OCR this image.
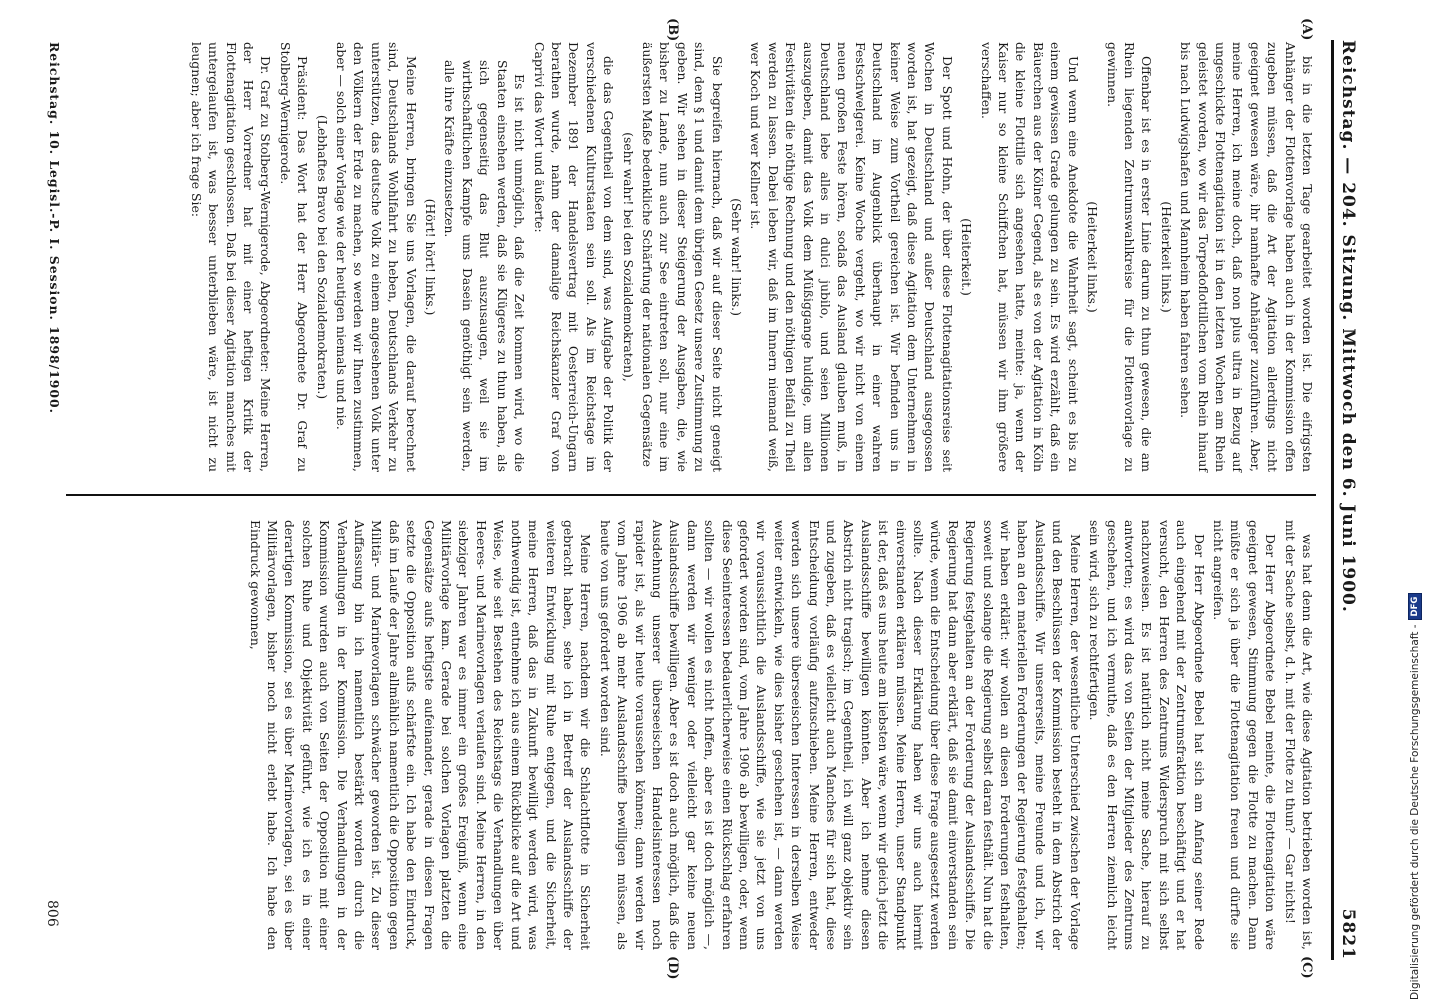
Reichstag. — 204. Sitzung. Mittwoch den 6. Juni 1900.
5821
(A)
(B)
(C)
(D)

bis in die letzten Tage gearbeitet worden ist. Die eifrigsten Anhänger der Flottenvorlage haben auch in der Kommission offen zugeben müssen, daß die Art der Agitation allerdings nicht geeignet gewesen wäre, ihr namhafte Anhänger zuzuführen. Aber, meine Herren, ich meine doch, daß non plus ultra in Bezug auf ungeschickte Flottenagitation ist in den letzten Wochen am Rhein geleistet worden, wo wir das Torpedoflottillchen vom Rhein hinauf bis nach Ludwigshafen und Mannheim haben fahren sehen.

(Heiterkeit links.)

Offenbar ist es in erster Linie darum zu thun gewesen, die am Rhein liegenden Zentrumswahlkreise für die Flottenvorlage zu gewinnen.

(Heiterkeit links.)

Und wenn eine Anekdote die Wahrheit sagt, scheint es bis zu einem gewissen Grade gelungen zu sein. Es wird erzählt, daß ein Bäuerchen aus der Kölner Gegend, als es von der Agitation in Köln die kleine Flottille sich angesehen hatte, meinte: ja, wenn der Kaiser nur so kleine Schiffchen hat, müssen wir ihm größere verschaffen.

(Heiterkeit.)

Der Spott und Hohn, der über diese Flottenagitationsreise seit Wochen in Deutschland und außer Deutschland ausgegossen worden ist, hat gezeigt, daß diese Agitation dem Unternehmen in keiner Weise zum Vortheil gereichen ist. Wir befinden uns in Deutschland im Augenblick überhaupt in einer wahren Festschwelgerei. Keine Woche vergeht, wo wir nicht von einem neuen großen Feste hören, sodaß das Ausland glauben muß, in Deutschland lebe alles in dulci jubilo, und seien Millionen auszugeben, damit das Volk dem Müßiggange huldige, um allen Festivitäten die nöthige Rechnung und den nöthigen Beifall zu Theil werden zu lassen. Dabei leben wir, daß im Innern niemand weiß, wer Koch und wer Kellner ist.

(Sehr wahr! links.)

Sie begreifen hiernach, daß wir auf dieser Seite nicht geneigt sind, dem § 1 und damit dem übrigen Gesetz unsere Zustimmung zu geben. Wir sehen in dieser Steigerung der Ausgaben, die, wie bisher zu Lande, nun auch zur See eintreten soll, nur eine im äußersten Maße bedenkliche Schärfung der nationalen Gegensätze

(sehr wahr! bei den Sozialdemokraten),

die das Gegentheil von dem sind, was Aufgabe der Politik der verschiedenen Kulturstaaten sein soll. Als im Reichstage im Dezember 1891 der Handelsvertrag mit Oesterreich-Ungarn berathen wurde, nahm der damalige Reichskanzler Graf von Caprivi das Wort und äußerte:

Es ist nicht unmöglich, daß die Zeit kommen wird, wo die Staaten einsehen werden, daß sie Klügeres zu thun haben, als sich gegenseitig das Blut auszusaugen, weil sie im wirthschaftlichen Kampfe ums Dasein genöthigt sein werden, alle ihre Kräfte einzusetzen.

(Hört! hört! links.)

Meine Herren, bringen Sie uns Vorlagen, die darauf berechnet sind, Deutschlands Wohlfahrt zu heben, Deutschlands Verkehr zu unterstützen, das deutsche Volk zu einem angesehenen Volk unter den Völkern der Erde zu machen, so werden wir Ihnen zustimmen, aber — solch einer Vorlage wie der heutigen niemals und nie.

(Lebhaftes Bravo bei den Sozialdemokraten.)

Präsident: Das Wort hat der Herr Abgeordnete Dr. Graf zu Stolberg-Wernigerode.

Dr. Graf zu Stolberg-Wernigerode, Abgeordneter: Meine Herren, der Herr Vorredner hat mit einer heftigen Kritik der Flottenagitation geschlossen. Daß bei dieser Agitation manches mit untergelaufen ist, was besser unterblieben wäre, ist nicht zu leugnen; aber ich frage Sie:

was hat denn die Art, wie diese Agitation betrieben worden ist, mit der Sache selbst, d. h. mit der Flotte zu thun? — Gar nichts!

Der Herr Abgeordnete Bebel meinte, die Flottenagitation wäre geeignet gewesen, Stimmung gegen die Flotte zu machen. Dann müßte er sich ja über die Flottenagitation freuen und dürfte sie nicht angreifen.

Der Herr Abgeordnete Bebel hat sich am Anfang seiner Rede auch eingehend mit der Zentrumsfraktion beschäftigt und er hat versucht, den Herren des Zentrums Widerspruch mit sich selbst nachzuweisen. Es ist natürlich nicht meine Sache, hierauf zu antworten; es wird das von Seiten der Mitglieder des Zentrums geschehen, und ich vermuthe, daß es den Herren ziemlich leicht sein wird, sich zu rechtfertigen.

Meine Herren, der wesentliche Unterschied zwischen der Vorlage und den Beschlüssen der Kommission besteht in dem Abstrich der Auslandsschiffe. Wir unsererseits, meine Freunde und ich, wir haben an den materiellen Forderungen der Regierung festgehalten; wir haben erklärt: wir wollen an diesen Forderungen festhalten, soweit und solange die Regierung selbst daran festhält. Nun hat die Regierung festgehalten an der Forderung der Auslandsschiffe. Die Regierung hat dann aber erklärt, daß sie damit einverstanden sein würde, wenn die Entscheidung über diese Frage ausgesetzt werden sollte. Nach dieser Erklärung haben wir uns auch hiermit einverstanden erklären müssen. Meine Herren, unser Standpunkt ist der, daß es uns heute am liebsten wäre, wenn wir gleich jetzt die Auslandsschiffe bewilligen könnten. Aber ich nehme diesen Abstrich nicht tragisch; im Gegentheil, ich will ganz objektiv sein und zugeben, daß es vielleicht auch Manches für sich hat, diese Entscheidung vorläufig aufzuschieben. Meine Herren, entweder werden sich unsere überseeischen Interessen in derselben Weise weiter entwickeln, wie dies bisher geschehen ist, — dann werden wir voraussichtlich die Auslandsschiffe, wie sie jetzt von uns gefordert worden sind, vom Jahre 1906 ab bewilligen, oder, wenn diese Seeinteressen bedauerlicherweise einen Rückschlag erfahren sollten — wir wollen es nicht hoffen, aber es ist doch möglich —, dann werden wir weniger oder vielleicht gar keine neuen Auslandsschiffe bewilligen. Aber es ist doch auch möglich, daß die Ausdehnung unserer überseeischen Handelsinteressen noch rapider ist, als wir heute voraussehen können; dann werden wir vom Jahre 1906 ab mehr Auslandsschiffe bewilligen müssen, als heute von uns gefordert worden sind.

Meine Herren, nachdem wir die Schlachtflotte in Sicherheit gebracht haben, sehe ich in Betreff der Auslandsschiffe der weiteren Entwicklung mit Ruhe entgegen, und die Sicherheit, meine Herren, daß das in Zukunft bewilligt werden wird, was nothwendig ist, entnehme ich aus einem Rückblicke auf die Art und Weise, wie seit Bestehen des Reichstags die Verhandlungen über Heeres- und Marinevorlagen verlaufen sind. Meine Herren, in den siebziger Jahren war es immer ein großes Ereigniß, wenn eine Militärvorlage kam. Gerade bei solchen Vorlagen platzten die Gegensätze aufs heftigste aufeinander, gerade in diesen Fragen setzte die Opposition aufs schärfste ein. Ich habe den Eindruck, daß im Laufe der Jahre allmählich namentlich die Opposition gegen Militär- und Marinevorlagen schwächer geworden ist. Zu dieser Auffassung bin ich namentlich bestärkt worden durch die Verhandlungen in der Kommission. Die Verhandlungen in der Kommission wurden auch von Seiten der Opposition mit einer solchen Ruhe und Objektivität geführt, wie ich es in einer derartigen Kommission, sei es über Marinevorlagen, sei es über Militärvorlagen, bisher noch nicht erlebt habe. Ich habe den Eindruck gewonnen,

Reichstag. 10. Legisl.-P. I. Session. 1898/1900.
806	Digitalisierung gefördert durch die Deutsche Forschungsgemeinschaft -
DFG
